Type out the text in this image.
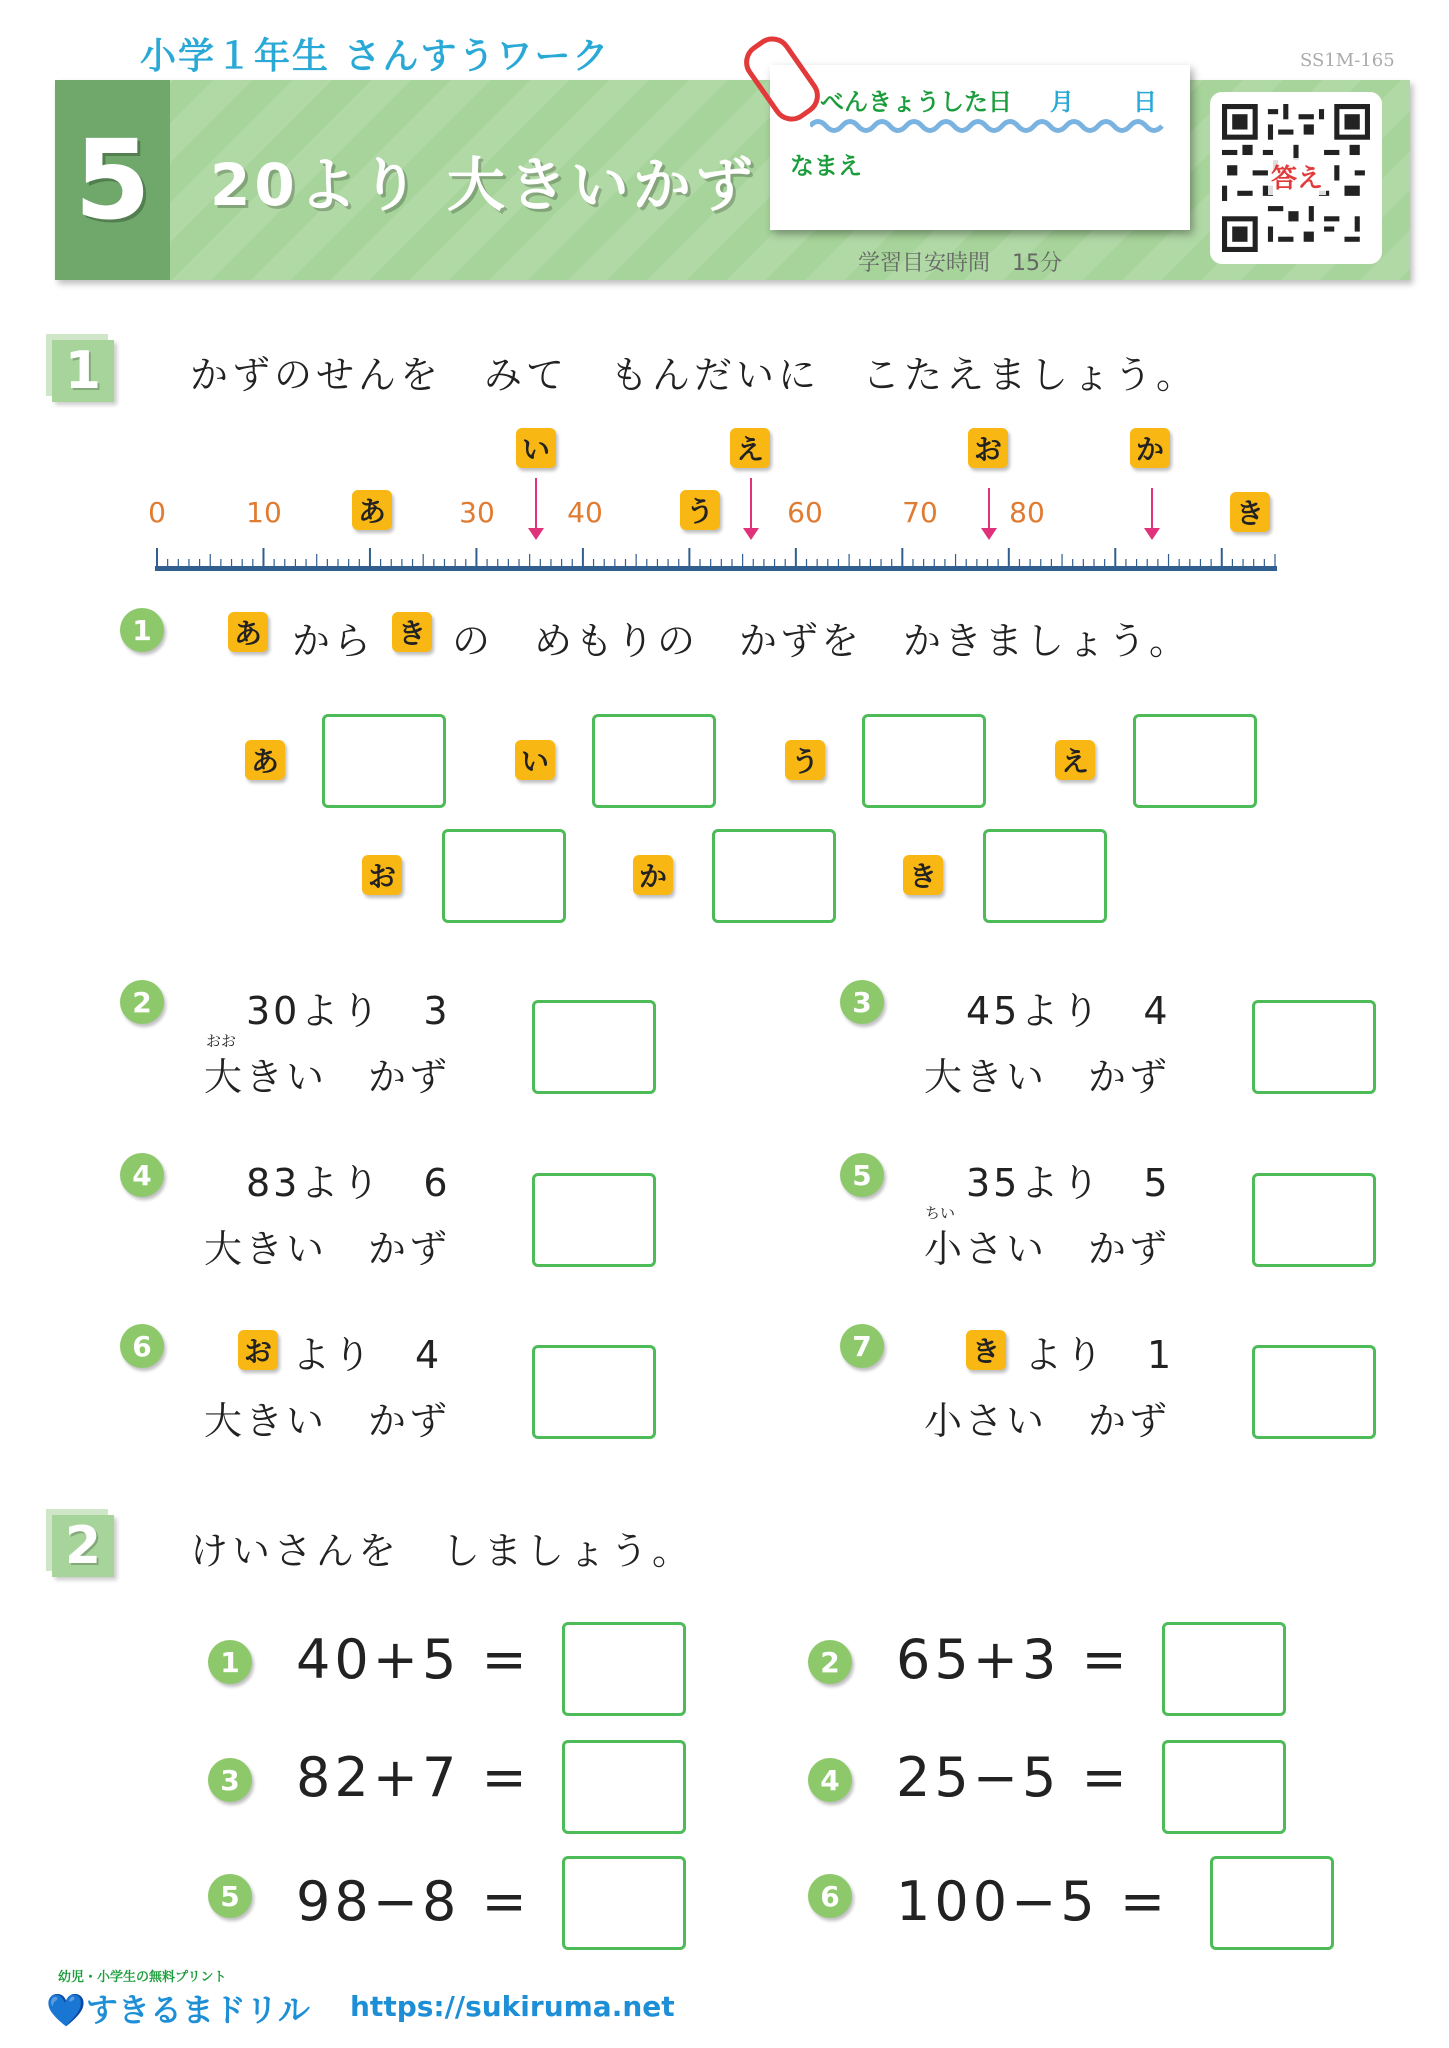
小学１年生 さんすうワーク	SS1M-165
5	20より 大きいかず
べんきょうした日 月 日
なまえ
学習目安時間　15分
答え
1	かずのせんを　みて　もんだいに　こたえましょう。
0	10	30	40	60	70	80
あ
い
う
え	お	か
き
1	あ から き の　めもりの　かずを　かきましょう。
あ	い	う	え
お	か	き
2	30より　3
おお
大きい　かず
3	45より　4
大きい　かず
4	83より　6
大きい　かず
5	35より　5
ちい
小さい　かず
6	お より　4
大きい　かず
7	き より　1
小さい　かず
2	けいさんを　しましょう。
1 40+5 =	2 65+3 =
3 82+7 =	4 25−5 =
5 98−8 =	6 100−5 =
幼児・小学生の無料プリント
💙すきるまドリル https://sukiruma.net
